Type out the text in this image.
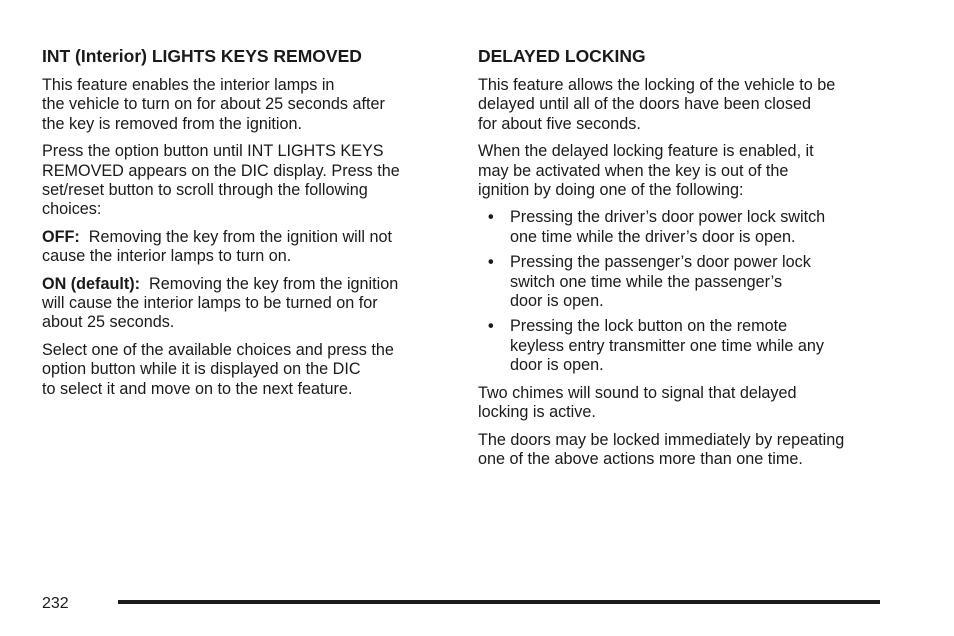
INT (Interior) LIGHTS KEYS REMOVED

This feature enables the interior lamps in
the vehicle to turn on for about 25 seconds after
the key is removed from the ignition.

Press the option button until INT LIGHTS KEYS
REMOVED appears on the DIC display. Press the
set/reset button to scroll through the following
choices:

OFF: Removing the key from the ignition will not
cause the interior lamps to turn on.

ON (default): Removing the key from the ignition
will cause the interior lamps to be turned on for
about 25 seconds.

Select one of the available choices and press the
option button while it is displayed on the DIC
to select it and move on to the next feature.

DELAYED LOCKING

This feature allows the locking of the vehicle to be
delayed until all of the doors have been closed
for about five seconds.

When the delayed locking feature is enabled, it
may be activated when the key is out of the
ignition by doing one of the following:

• Pressing the driver’s door power lock switch
one time while the driver’s door is open.
• Pressing the passenger’s door power lock
switch one time while the passenger’s
door is open.
• Pressing the lock button on the remote
keyless entry transmitter one time while any
door is open.

Two chimes will sound to signal that delayed
locking is active.

The doors may be locked immediately by repeating
one of the above actions more than one time.

232
